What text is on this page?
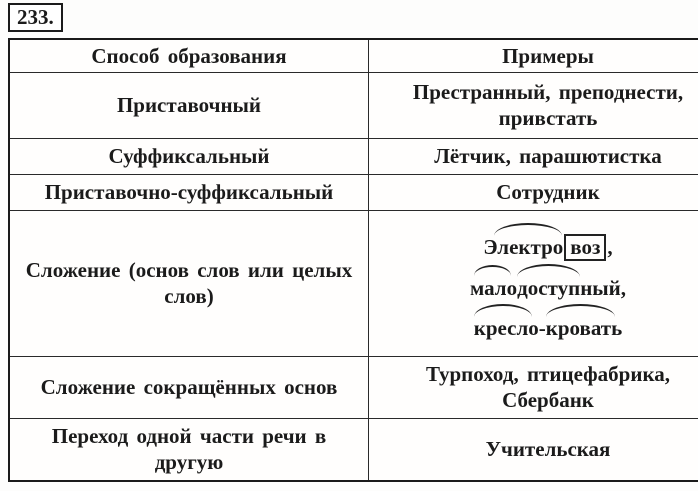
233.
Способ образования	Примеры
Приставочный	Престранный, преподнести, привстать
Суффиксальный	Лётчик, парашютистка
Приставочно-суффиксальный	Сотрудник
Сложение (основ слов или целых слов)	Электро воз ,
малодоступный,
кресло-кровать

Сложение сокращённых основ	Турпоход, птицефабрика, Сбербанк
Переход одной части речи в другую	Учительская
